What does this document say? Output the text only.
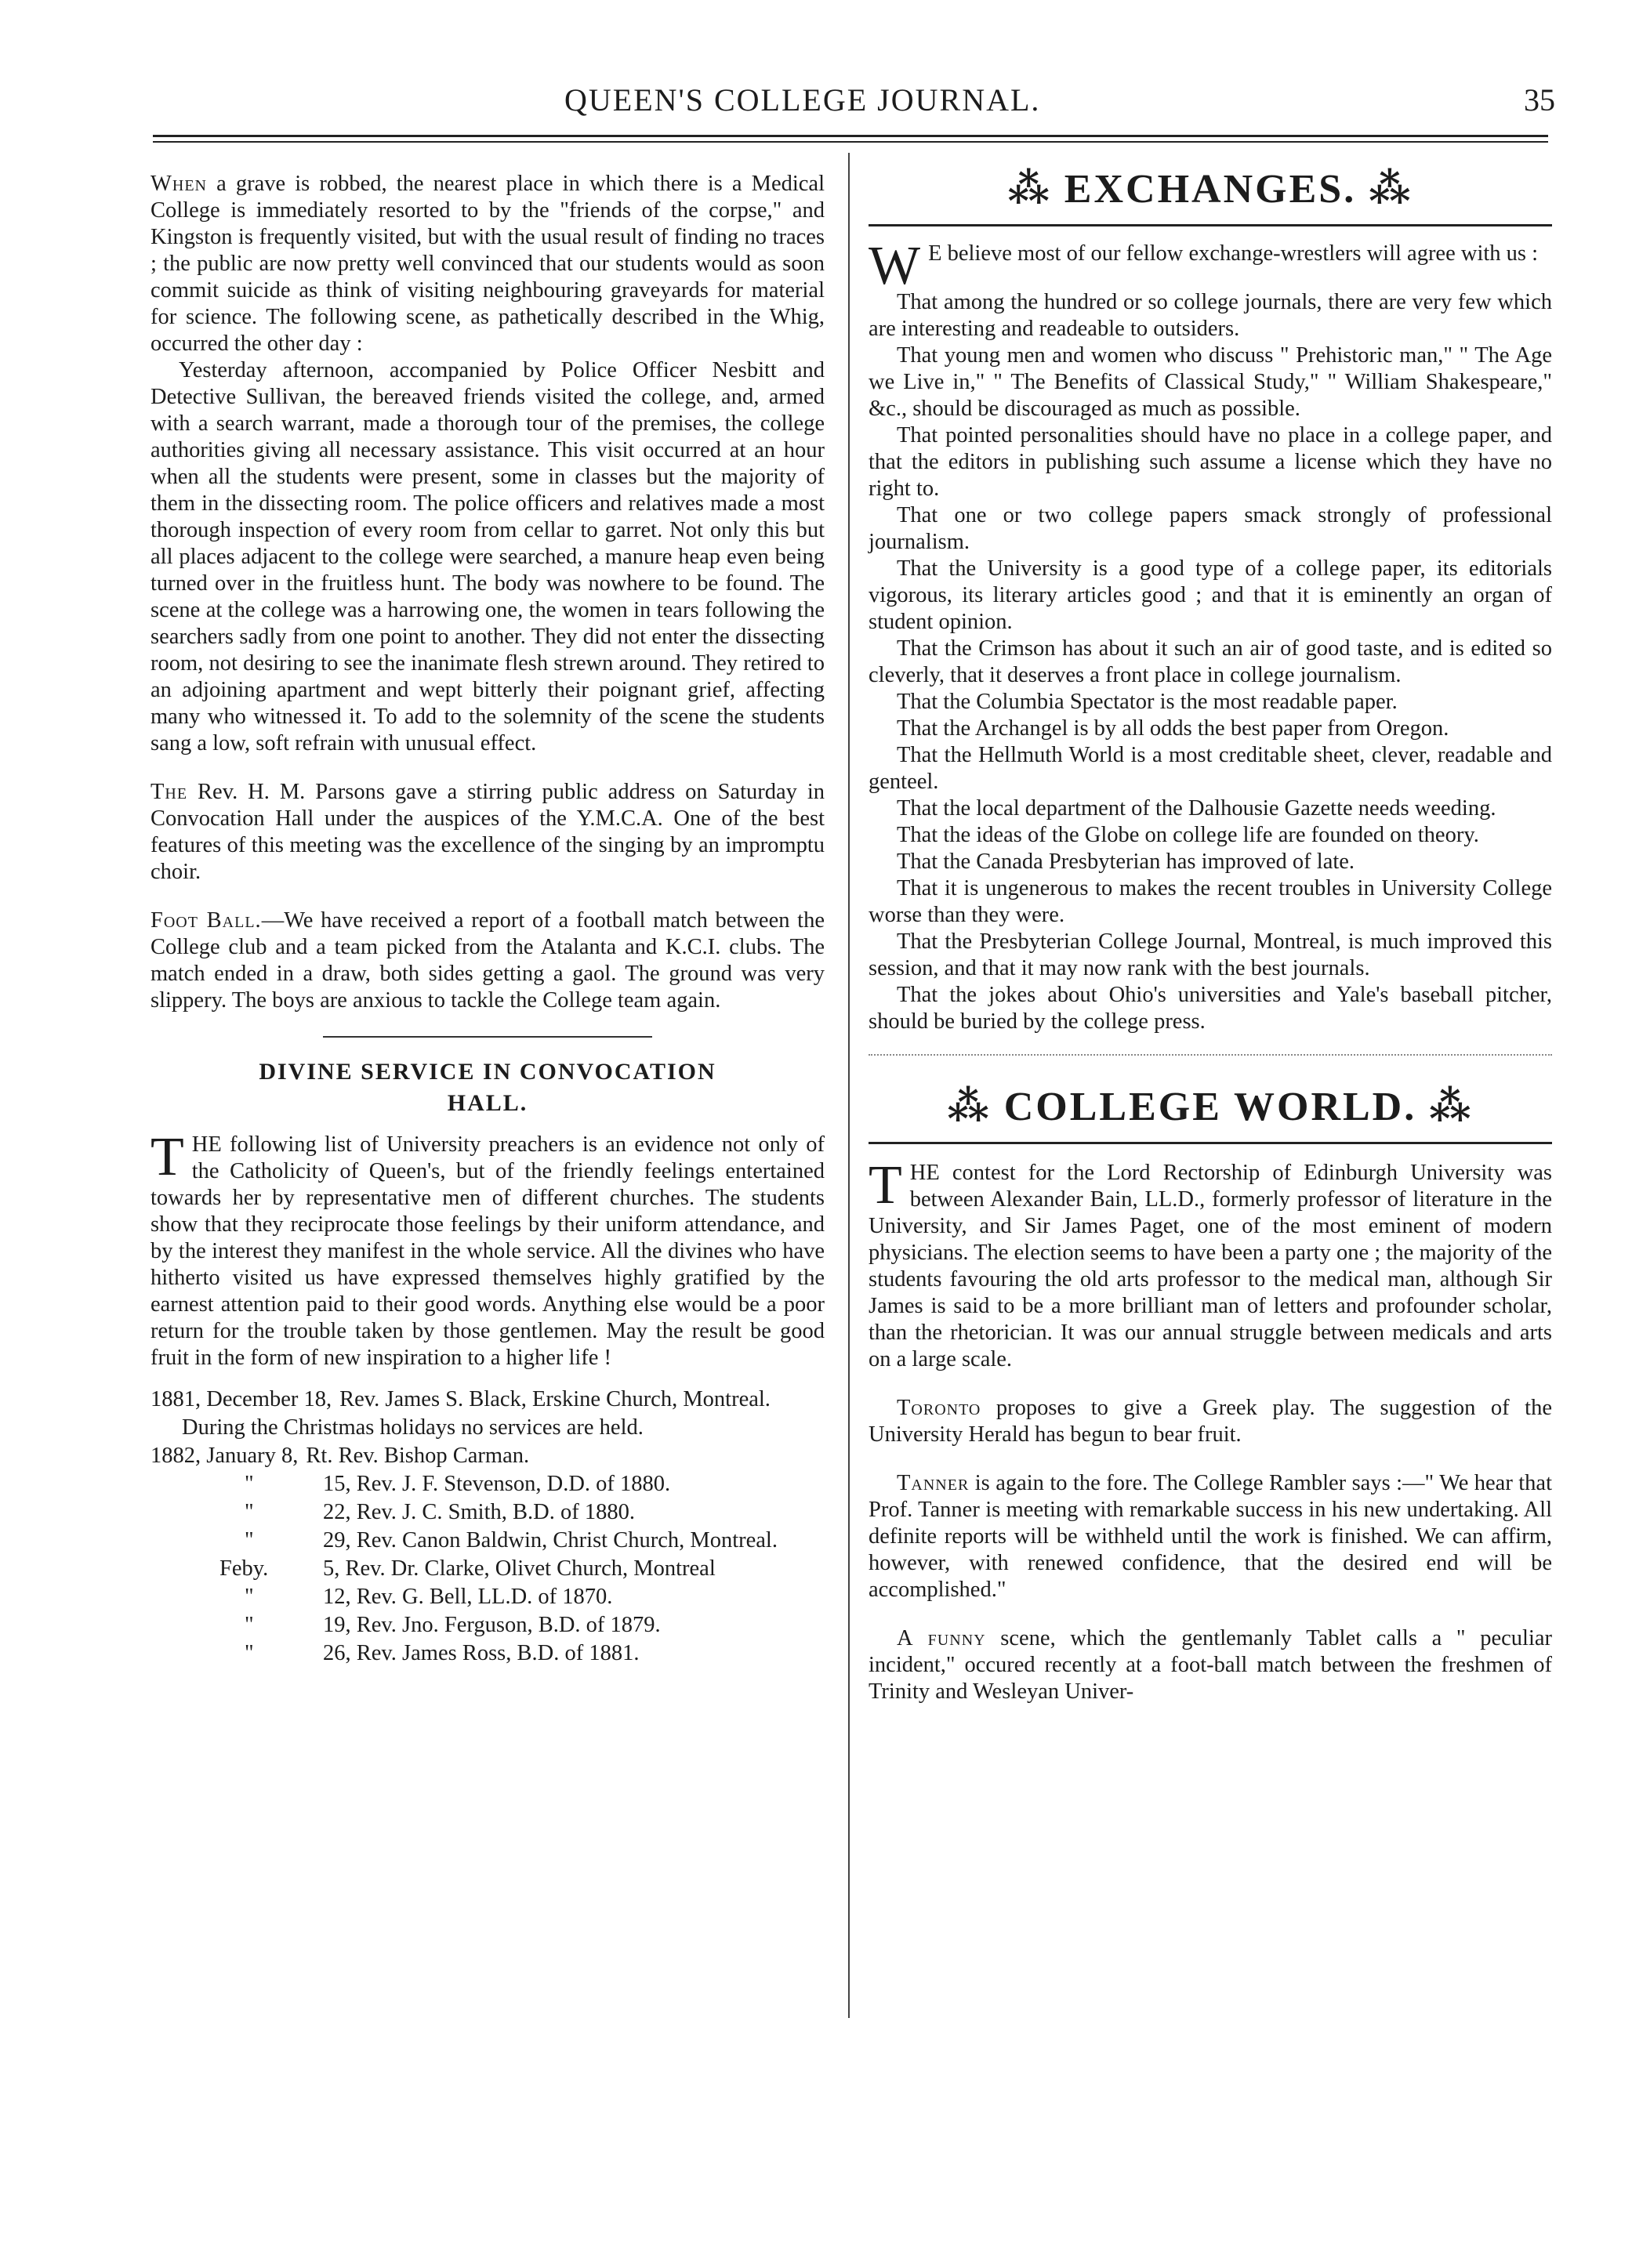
QUEEN'S COLLEGE JOURNAL.	35

When a grave is robbed, the nearest place in which there is a Medical College is immediately resorted to by the "friends of the corpse," and Kingston is frequently visited, but with the usual result of finding no traces ; the public are now pretty well convinced that our students would as soon commit suicide as think of visiting neighbouring graveyards for material for science. The following scene, as pathetically described in the Whig, occurred the other day :

Yesterday afternoon, accompanied by Police Officer Nesbitt and Detective Sullivan, the bereaved friends visited the college, and, armed with a search warrant, made a thorough tour of the premises, the college authorities giving all necessary assistance. This visit occurred at an hour when all the students were present, some in classes but the majority of them in the dissecting room. The police officers and relatives made a most thorough inspection of every room from cellar to garret. Not only this but all places adjacent to the college were searched, a manure heap even being turned over in the fruitless hunt. The body was nowhere to be found. The scene at the college was a harrowing one, the women in tears following the searchers sadly from one point to another. They did not enter the dissecting room, not desiring to see the inanimate flesh strewn around. They retired to an adjoining apartment and wept bitterly their poignant grief, affecting many who witnessed it. To add to the solemnity of the scene the students sang a low, soft refrain with unusual effect.

The Rev. H. M. Parsons gave a stirring public address on Saturday in Convocation Hall under the auspices of the Y.M.C.A. One of the best features of this meeting was the excellence of the singing by an impromptu choir.

Foot Ball.—We have received a report of a football match between the College club and a team picked from the Atalanta and K.C.I. clubs. The match ended in a draw, both sides getting a gaol. The ground was very slippery. The boys are anxious to tackle the College team again.

DIVINE SERVICE IN CONVOCATION

HALL.

THE following list of University preachers is an evidence not only of the Catholicity of Queen's, but of the friendly feelings entertained towards her by representative men of different churches. The students show that they reciprocate those feelings by their uniform attendance, and by the interest they manifest in the whole service. All the divines who have hitherto visited us have expressed themselves highly gratified by the earnest attention paid to their good words. Anything else would be a poor return for the trouble taken by those gentlemen. May the result be good fruit in the form of new inspiration to a higher life !

1881, December 18, Rev. James S. Black, Erskine Church, Montreal.
During the Christmas holidays no services are held.
1882, January 8, Rt. Rev. Bishop Carman.
"	15, Rev. J. F. Stevenson, D.D. of 1880.
"	22, Rev. J. C. Smith, B.D. of 1880.
"	29, Rev. Canon Baldwin, Christ Church, Montreal.
Feby.	5, Rev. Dr. Clarke, Olivet Church, Montreal
"	12, Rev. G. Bell, LL.D. of 1870.
"	19, Rev. Jno. Ferguson, B.D. of 1879.
"	26, Rev. James Ross, B.D. of 1881.

⁂ EXCHANGES. ⁂

W E believe most of our fellow exchange-wrestlers will agree with us :

That among the hundred or so college journals, there are very few which are interesting and readeable to outsiders.

That young men and women who discuss " Prehistoric man," " The Age we Live in," " The Benefits of Classical Study," " William Shakespeare," &c., should be discouraged as much as possible.

That pointed personalities should have no place in a college paper, and that the editors in publishing such assume a license which they have no right to.

That one or two college papers smack strongly of professional journalism.

That the University is a good type of a college paper, its editorials vigorous, its literary articles good ; and that it is eminently an organ of student opinion.

That the Crimson has about it such an air of good taste, and is edited so cleverly, that it deserves a front place in college journalism.

That the Columbia Spectator is the most readable paper.

That the Archangel is by all odds the best paper from Oregon.

That the Hellmuth World is a most creditable sheet, clever, readable and genteel.

That the local department of the Dalhousie Gazette needs weeding.

That the ideas of the Globe on college life are founded on theory.

That the Canada Presbyterian has improved of late.

That it is ungenerous to makes the recent troubles in University College worse than they were.

That the Presbyterian College Journal, Montreal, is much improved this session, and that it may now rank with the best journals.

That the jokes about Ohio's universities and Yale's baseball pitcher, should be buried by the college press.

⁂ COLLEGE WORLD. ⁂

THE contest for the Lord Rectorship of Edinburgh University was between Alexander Bain, LL.D., formerly professor of literature in the University, and Sir James Paget, one of the most eminent of modern physicians. The election seems to have been a party one ; the majority of the students favouring the old arts professor to the medical man, although Sir James is said to be a more brilliant man of letters and profounder scholar, than the rhetorician. It was our annual struggle between medicals and arts on a large scale.

Toronto proposes to give a Greek play. The suggestion of the University Herald has begun to bear fruit.

Tanner is again to the fore. The College Rambler says :—" We hear that Prof. Tanner is meeting with remarkable success in his new undertaking. All definite reports will be withheld until the work is finished. We can affirm, however, with renewed confidence, that the desired end will be accomplished."

A funny scene, which the gentlemanly Tablet calls a " peculiar incident," occured recently at a foot-ball match between the freshmen of Trinity and Wesleyan Univer-
